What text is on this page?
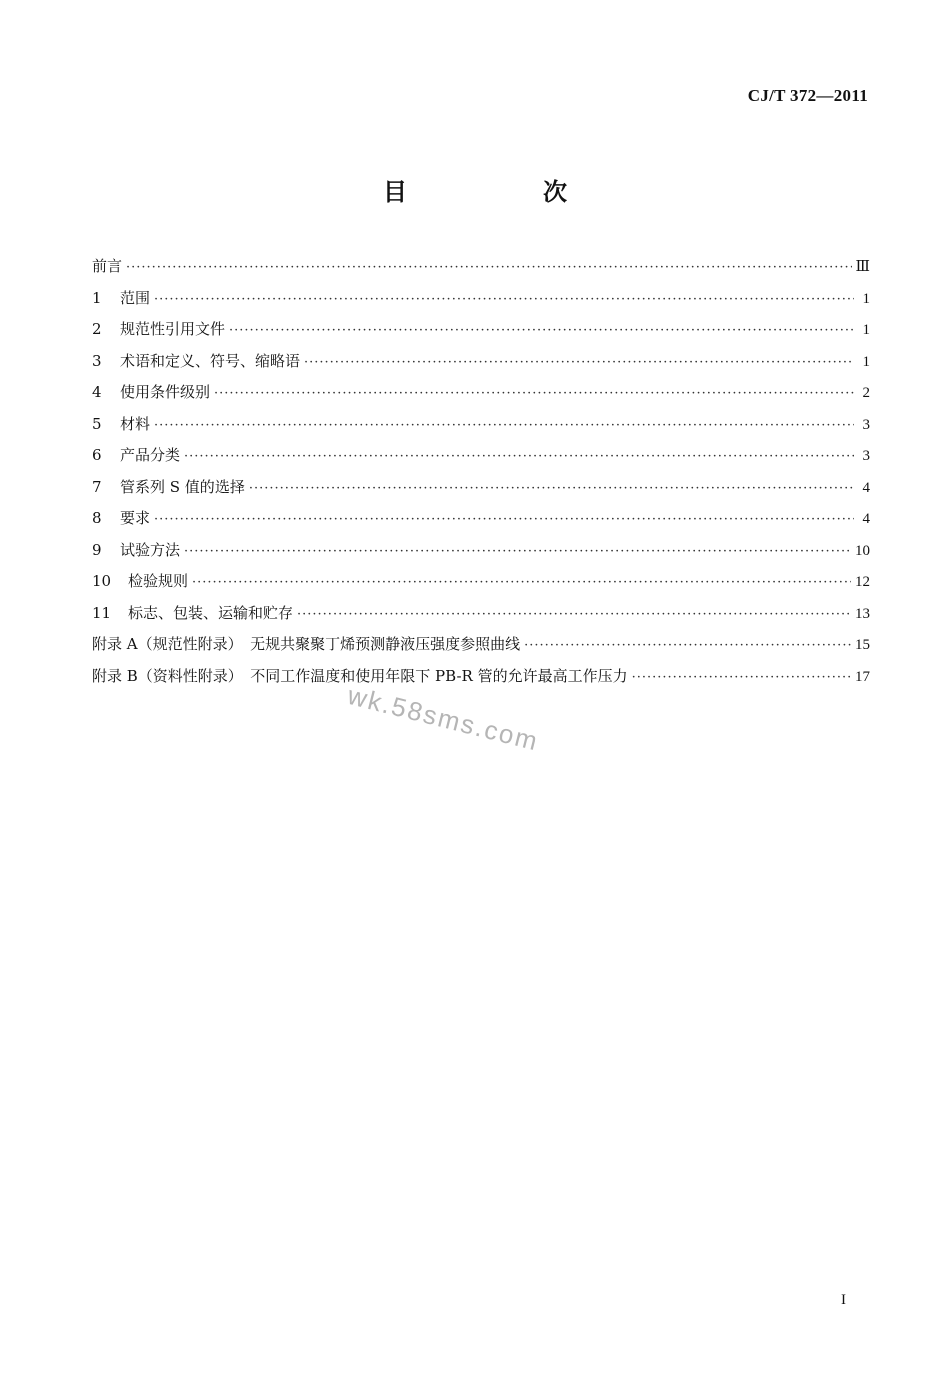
CJ/T 372—2011
目　次
前言 ·····	Ⅲ
1 范围 ·····	1
2 规范性引用文件 ·····	1
3 术语和定义、符号、缩略语 ·····	1
4 使用条件级别 ·····	2
5 材料 ·····	3
6 产品分类 ·····	3
7 管系列 S 值的选择 ·····	4
8 要求 ·····	4
9 试验方法 ·····	10
10 检验规则 ·····	12
11 标志、包装、运输和贮存 ·····	13
附录 A（规范性附录）　无规共聚聚丁烯预测静液压强度参照曲线 ·····	15
附录 B（资料性附录）　不同工作温度和使用年限下 PB-R 管的允许最高工作压力 ·····	17
wk.58sms.com
I
